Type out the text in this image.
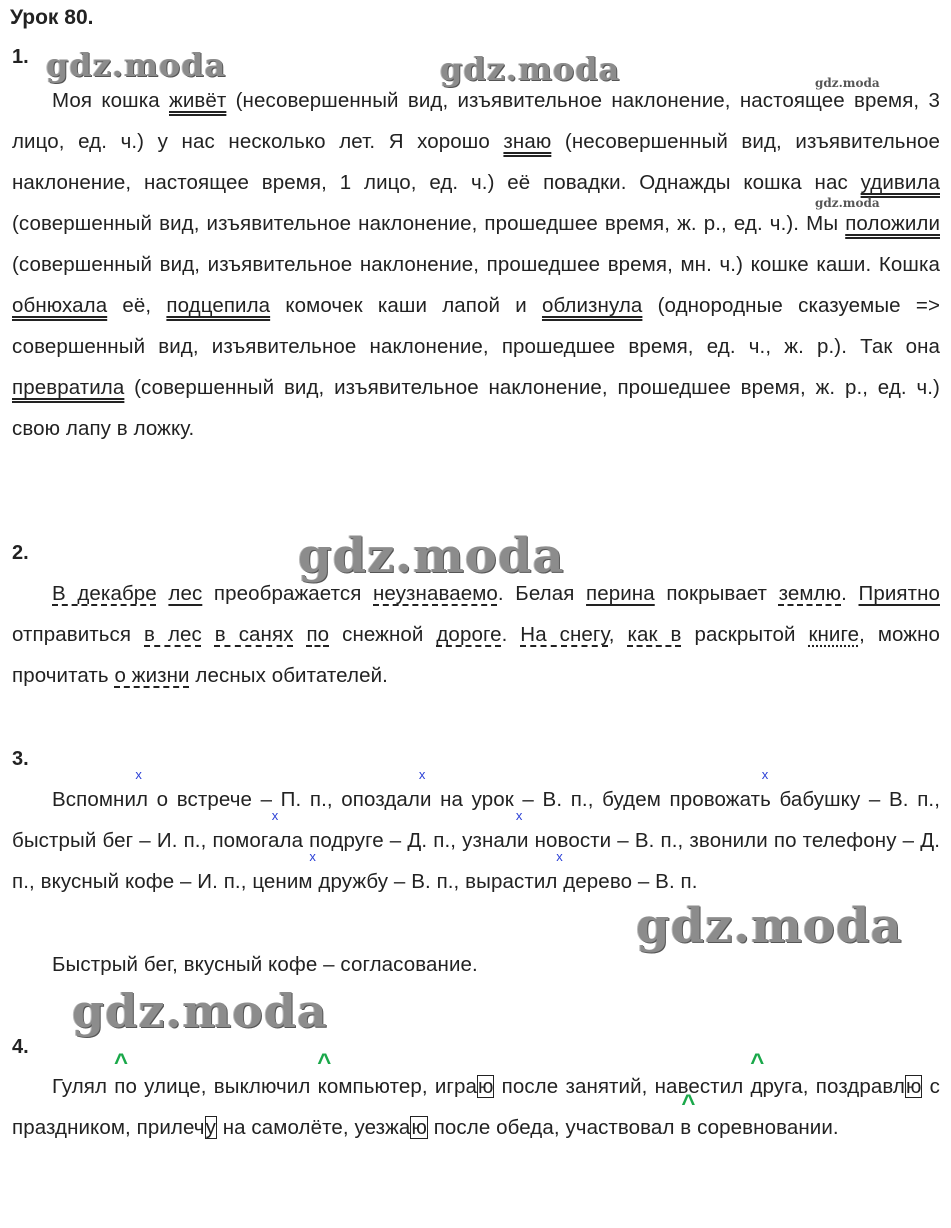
Урок 80.
1.

Моя кошка живёт (несовершенный вид, изъявительное наклонение, настоящее время, 3 лицо, ед. ч.) у нас несколько лет. Я хорошо знаю (несовершенный вид, изъявительное наклонение, настоящее время, 1 лицо, ед. ч.) её повадки. Однажды кошка нас удивила (совершенный вид, изъявительное наклонение, прошедшее время, ж. р., ед. ч.). Мы положили (совершенный вид, изъявительное наклонение, прошедшее время, мн. ч.) кошке каши. Кошка обнюхала её, подцепила комочек каши лапой и облизнула (однородные сказуемые => совершенный вид, изъявительное наклонение, прошедшее время, ед. ч., ж. р.). Так она превратила (совершенный вид, изъявительное наклонение, прошедшее время, ж. р., ед. ч.) свою лапу в ложку.

2.

В декабре лес преображается неузнаваемо. Белая перина покрывает землю. Приятно отправиться в лес в санях по снежной дороге. На снегу, как в раскрытой книге, можно прочитать о жизни лесных обитателей.

3.

Вспомx нил о встрече – П. п., опоздx али на урок – В. п., будем провожx ать бабушку – В. п., быстрый бег – И. п., помx огала подруге – Д. п., узнx али новости – В. п., звонили по телефону – Д. п., вкусный кофе – И. п., ценx им дружбу – В. п., вырастx ил дерево – В. п.

Быстрый бег, вкусный кофе – согласование.

4.

Гуля^ л по улице, выключи^ л компьютер, играю после занятий, навести^ л друга, поздравлю с праздником, прилечу на самолёте, уезжаю после обеда, участвова^ л в соревновании.

gdz.moda	gdz.moda	gdz.moda
gdz.moda
gdz.moda
gdz.moda
gdz.moda
